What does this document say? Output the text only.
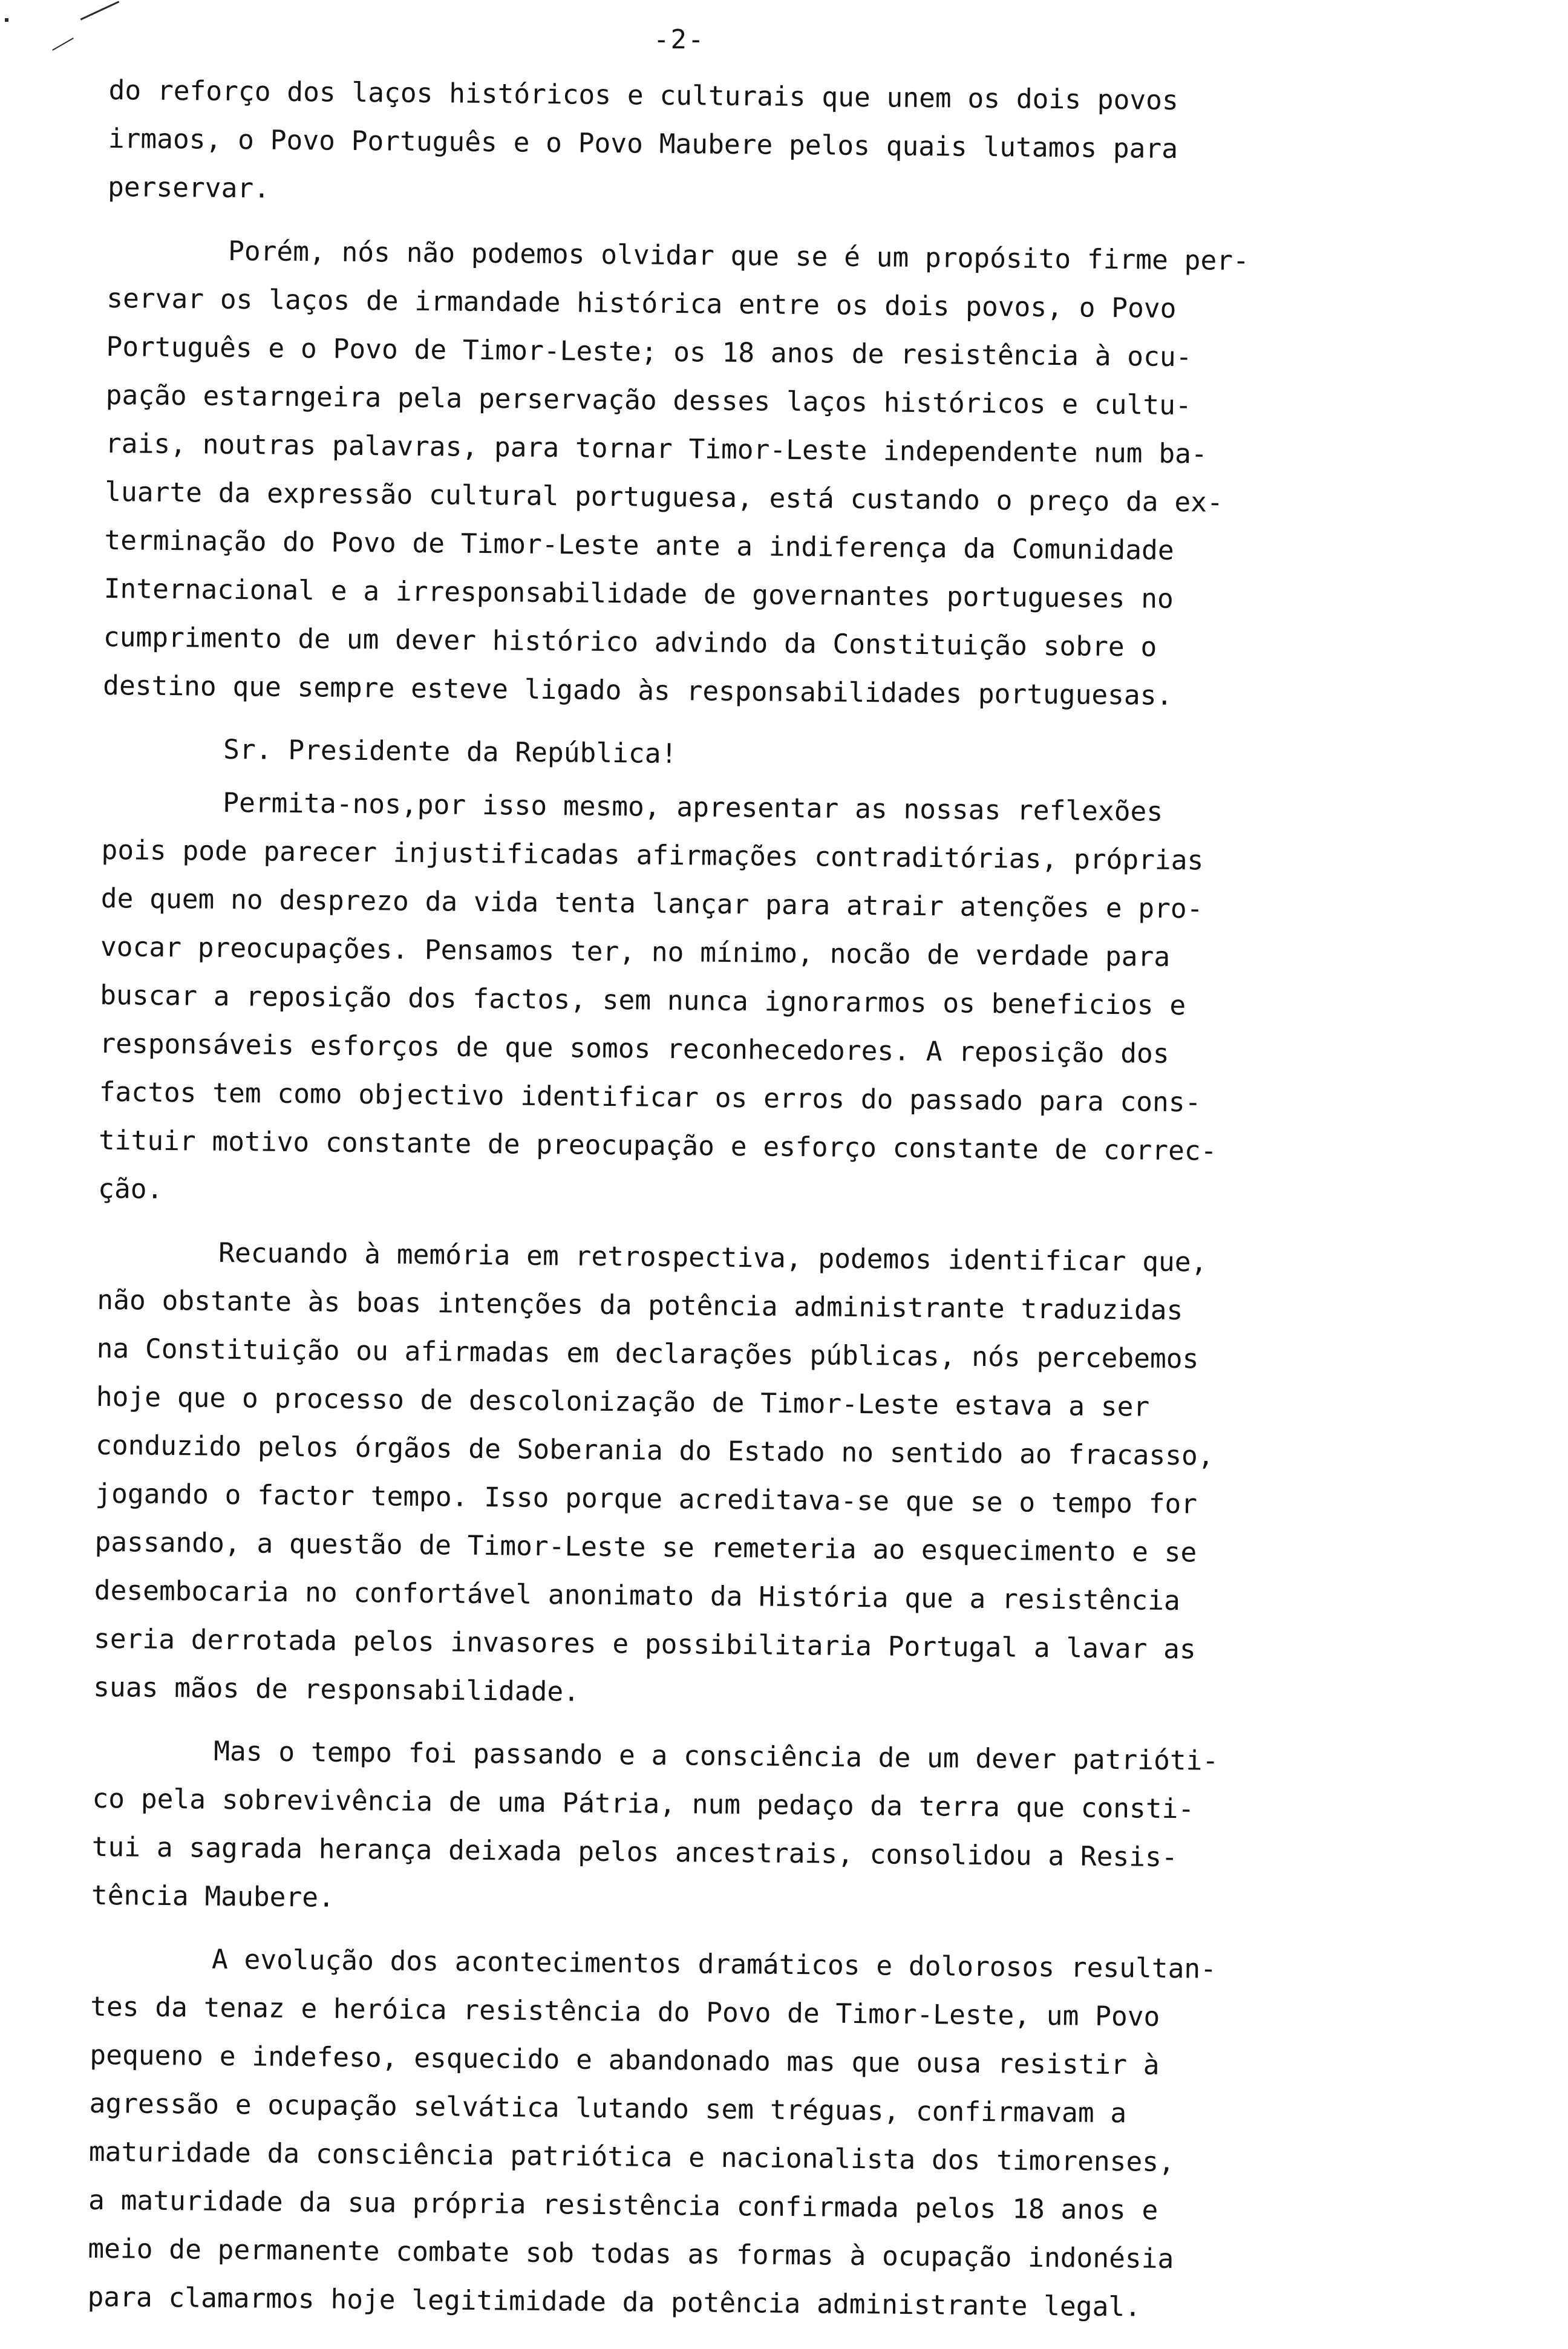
-2-

do reforço dos laços históricos e culturais que unem os dois povos
irmaos, o Povo Português e o Povo Maubere pelos quais lutamos para
perservar.

Porém, nós não podemos olvidar que se é um propósito firme per-
servar os laços de irmandade histórica entre os dois povos, o Povo
Português e o Povo de Timor-Leste; os 18 anos de resistência à ocu-
pação estarngeira pela perservação desses laços históricos e cultu-
rais, noutras palavras, para tornar Timor-Leste independente num ba-
luarte da expressão cultural portuguesa, está custando o preço da ex-
terminação do Povo de Timor-Leste ante a indiferença da Comunidade
Internacional e a irresponsabilidade de governantes portugueses no
cumprimento de um dever histórico advindo da Constituição sobre o
destino que sempre esteve ligado às responsabilidades portuguesas.

Sr. Presidente da República!

Permita-nos,por isso mesmo, apresentar as nossas reflexões
pois pode parecer injustificadas afirmações contraditórias, próprias
de quem no desprezo da vida tenta lançar para atrair atenções e pro-
vocar preocupações. Pensamos ter, no mínimo, nocão de verdade para
buscar a reposição dos factos, sem nunca ignorarmos os beneficios e
responsáveis esforços de que somos reconhecedores. A reposição dos
factos tem como objectivo identificar os erros do passado para cons-
tituir motivo constante de preocupação e esforço constante de correc-
ção.

Recuando à memória em retrospectiva, podemos identificar que,
não obstante às boas intenções da potência administrante traduzidas
na Constituição ou afirmadas em declarações públicas, nós percebemos
hoje que o processo de descolonização de Timor-Leste estava a ser
conduzido pelos órgãos de Soberania do Estado no sentido ao fracasso,
jogando o factor tempo. Isso porque acreditava-se que se o tempo for
passando, a questão de Timor-Leste se remeteria ao esquecimento e se
desembocaria no confortável anonimato da História que a resistência
seria derrotada pelos invasores e possibilitaria Portugal a lavar as
suas mãos de responsabilidade.

Mas o tempo foi passando e a consciência de um dever patrióti-
co pela sobrevivência de uma Pátria, num pedaço da terra que consti-
tui a sagrada herança deixada pelos ancestrais, consolidou a Resis-
tência Maubere.

A evolução dos acontecimentos dramáticos e dolorosos resultan-
tes da tenaz e heróica resistência do Povo de Timor-Leste, um Povo
pequeno e indefeso, esquecido e abandonado mas que ousa resistir à
agressão e ocupação selvática lutando sem tréguas, confirmavam a
maturidade da consciência patriótica e nacionalista dos timorenses,
a maturidade da sua própria resistência confirmada pelos 18 anos e
meio de permanente combate sob todas as formas à ocupação indonésia
para clamarmos hoje legitimidade da potência administrante legal.
